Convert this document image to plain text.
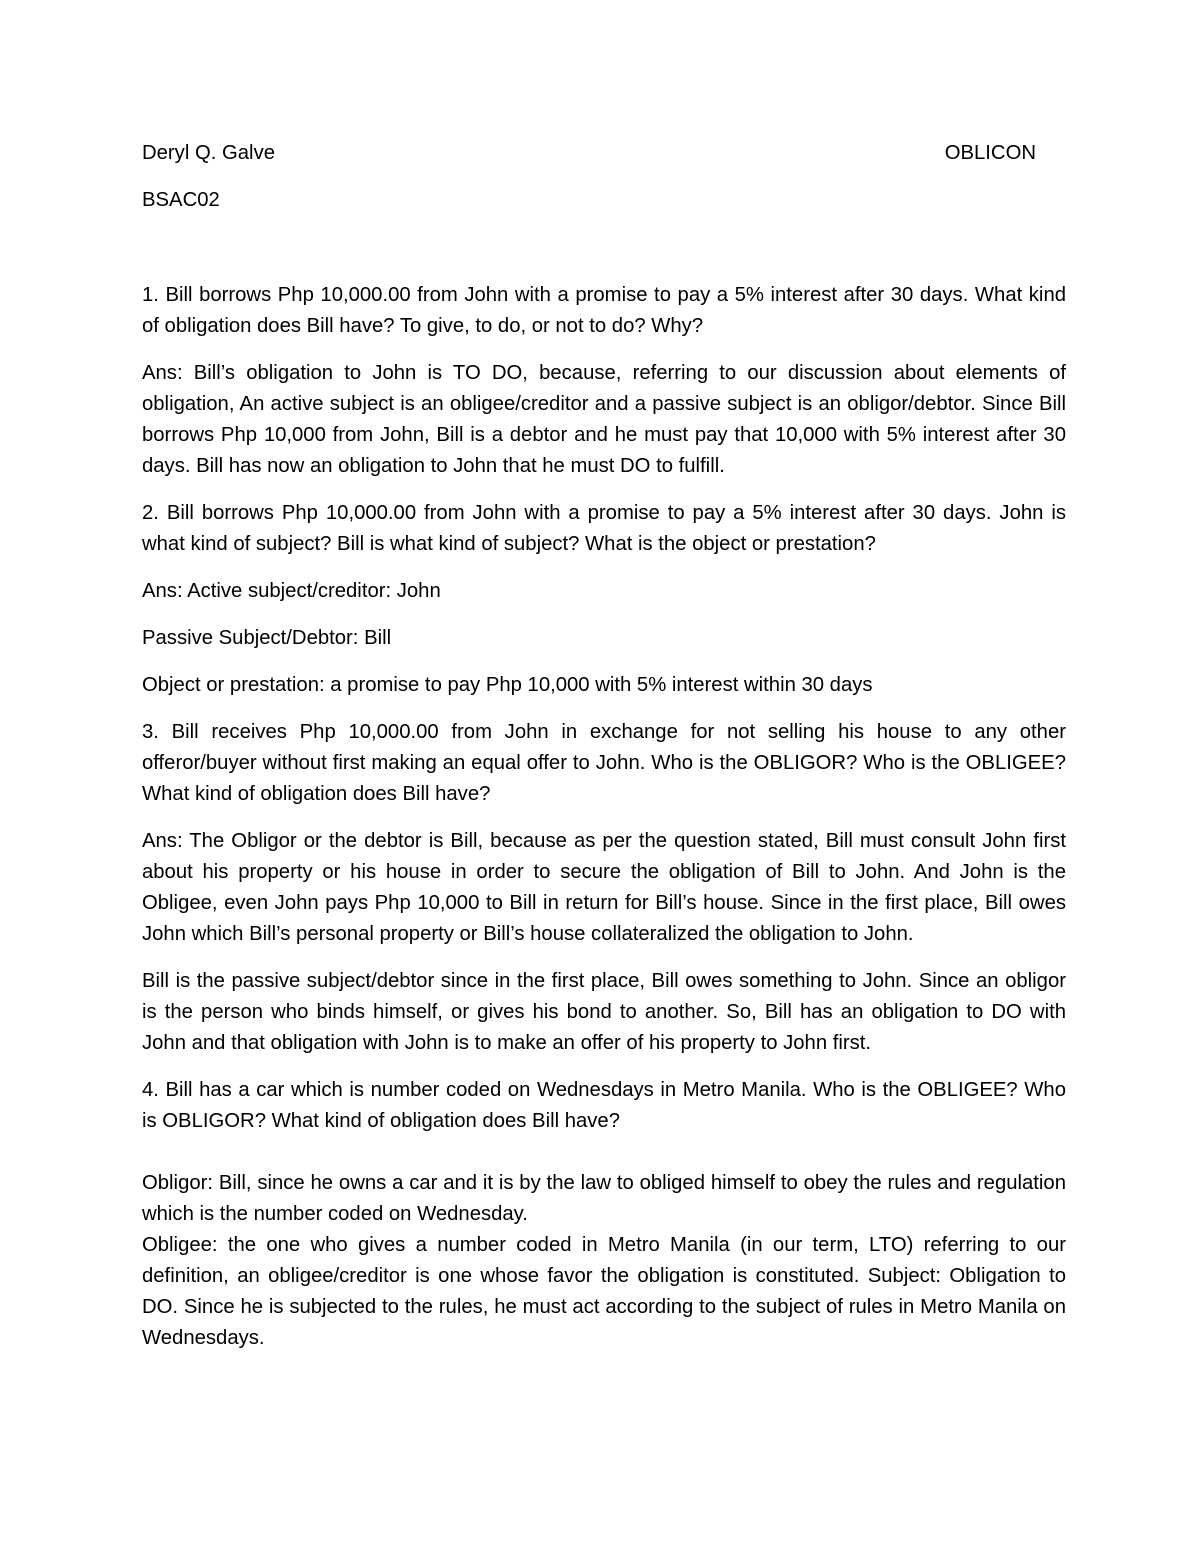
Deryl Q. Galve	OBLICON
BSAC02

1. Bill borrows Php 10,000.00 from John with a promise to pay a 5% interest after 30 days. What kind of obligation does Bill have? To give, to do, or not to do? Why?

Ans: Bill’s obligation to John is TO DO, because, referring to our discussion about elements of obligation, An active subject is an obligee/creditor and a passive subject is an obligor/debtor. Since Bill borrows Php 10,000 from John, Bill is a debtor and he must pay that 10,000 with 5% interest after 30 days. Bill has now an obligation to John that he must DO to fulfill.

2. Bill borrows Php 10,000.00 from John with a promise to pay a 5% interest after 30 days. John is what kind of subject? Bill is what kind of subject? What is the object or prestation?

Ans: Active subject/creditor: John

Passive Subject/Debtor: Bill

Object or prestation: a promise to pay Php 10,000 with 5% interest within 30 days

3. Bill receives Php 10,000.00 from John in exchange for not selling his house to any other offeror/buyer without first making an equal offer to John. Who is the OBLIGOR? Who is the OBLIGEE? What kind of obligation does Bill have?

Ans: The Obligor or the debtor is Bill, because as per the question stated, Bill must consult John first about his property or his house in order to secure the obligation of Bill to John. And John is the Obligee, even John pays Php 10,000 to Bill in return for Bill’s house. Since in the first place, Bill owes John which Bill’s personal property or Bill’s house collateralized the obligation to John.

Bill is the passive subject/debtor since in the first place, Bill owes something to John. Since an obligor is the person who binds himself, or gives his bond to another. So, Bill has an obligation to DO with John and that obligation with John is to make an offer of his property to John first.

4. Bill has a car which is number coded on Wednesdays in Metro Manila. Who is the OBLIGEE? Who is OBLIGOR? What kind of obligation does Bill have?

Obligor: Bill, since he owns a car and it is by the law to obliged himself to obey the rules and regulation which is the number coded on Wednesday.

Obligee: the one who gives a number coded in Metro Manila (in our term, LTO) referring to our definition, an obligee/creditor is one whose favor the obligation is constituted. Subject: Obligation to DO. Since he is subjected to the rules, he must act according to the subject of rules in Metro Manila on Wednesdays.
